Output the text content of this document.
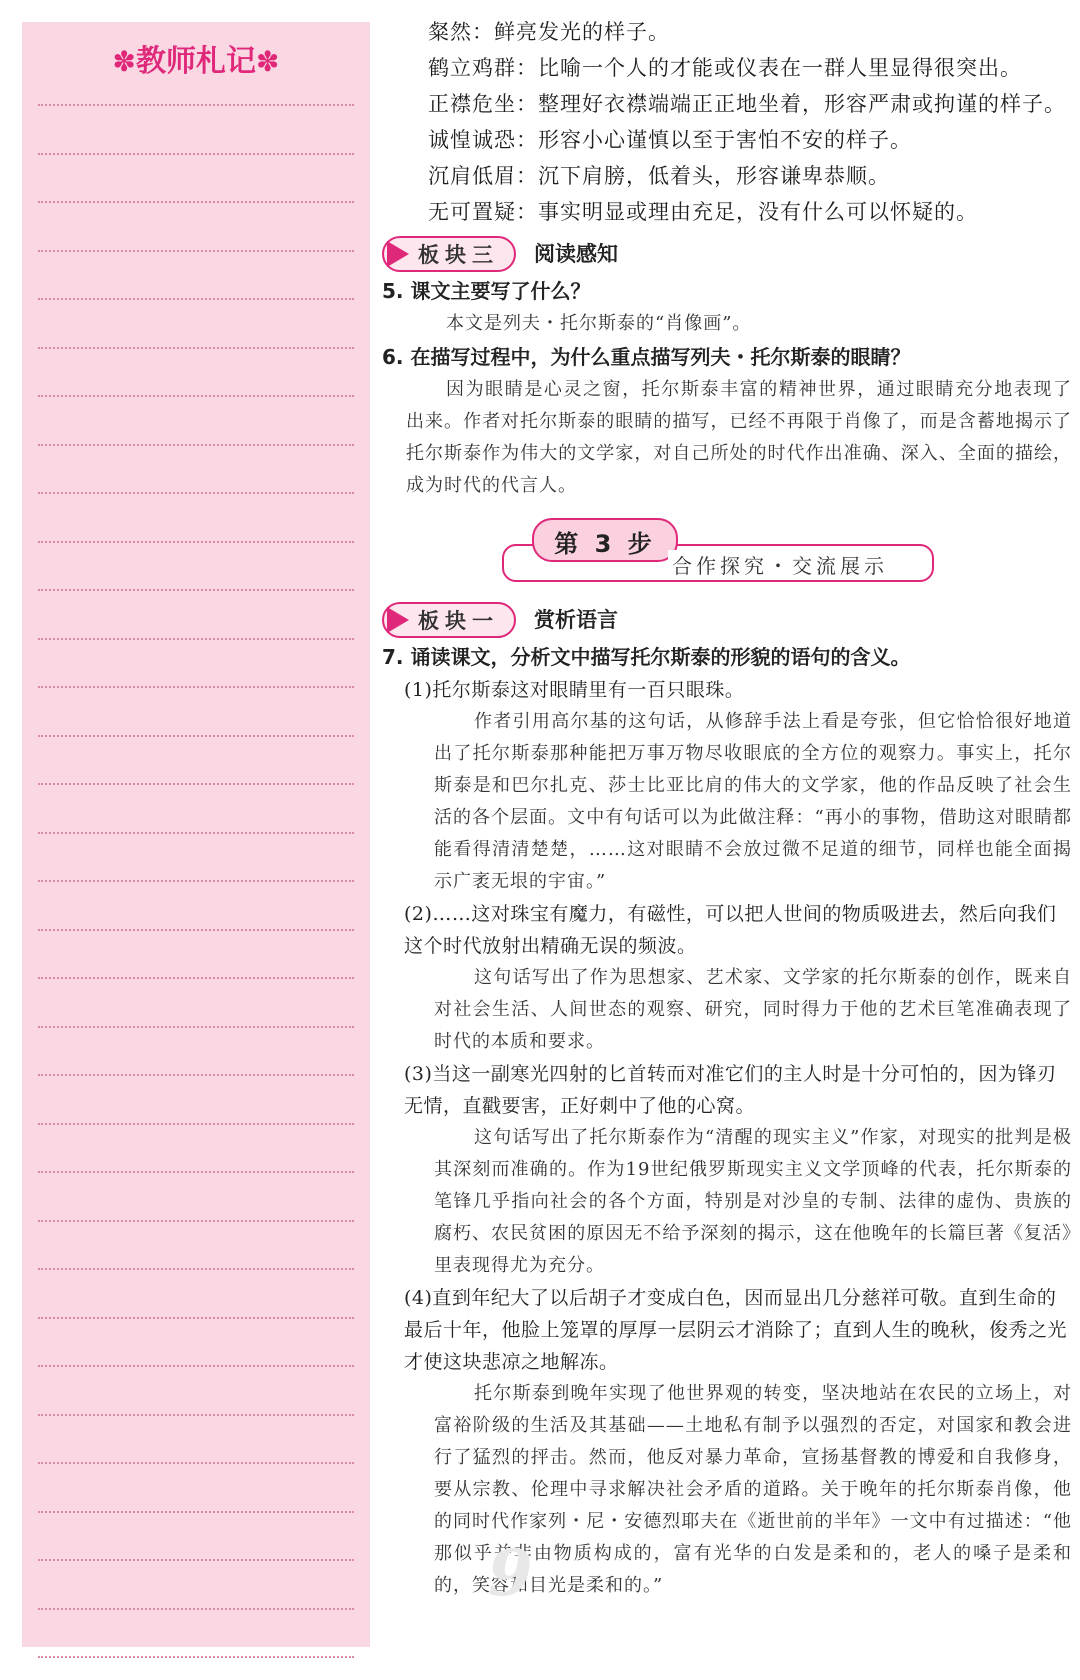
✽教师札记✽
粲然：鲜亮发光的样子。
鹤立鸡群：比喻一个人的才能或仪表在一群人里显得很突出。
正襟危坐：整理好衣襟端端正正地坐着，形容严肃或拘谨的样子。
诚惶诚恐：形容小心谨慎以至于害怕不安的样子。
沉肩低眉：沉下肩膀，低着头，形容谦卑恭顺。
无可置疑：事实明显或理由充足，没有什么可以怀疑的。
板块三 阅读感知
5. 课文主要写了什么？
本文是列夫・托尔斯泰的“肖像画”。
6. 在描写过程中，为什么重点描写列夫・托尔斯泰的眼睛？
因为眼睛是心灵之窗，托尔斯泰丰富的精神世界，通过眼睛充分地表现了出来。作者对托尔斯泰的眼睛的描写，已经不再限于肖像了，而是含蓄地揭示了托尔斯泰作为伟大的文学家，对自己所处的时代作出准确、深入、全面的描绘，成为时代的代言人。
第 3 步
合作探究・交流展示
板块一 赏析语言
7. 诵读课文，分析文中描写托尔斯泰的形貌的语句的含义。
(1)托尔斯泰这对眼睛里有一百只眼珠。
作者引用高尔基的这句话，从修辞手法上看是夸张，但它恰恰很好地道出了托尔斯泰那种能把万事万物尽收眼底的全方位的观察力。事实上，托尔斯泰是和巴尔扎克、莎士比亚比肩的伟大的文学家，他的作品反映了社会生活的各个层面。文中有句话可以为此做注释：“再小的事物，借助这对眼睛都能看得清清楚楚，……这对眼睛不会放过微不足道的细节，同样也能全面揭示广袤无垠的宇宙。”
(2)……这对珠宝有魔力，有磁性，可以把人世间的物质吸进去，然后向我们这个时代放射出精确无误的频波。
这句话写出了作为思想家、艺术家、文学家的托尔斯泰的创作，既来自对社会生活、人间世态的观察、研究，同时得力于他的艺术巨笔准确表现了时代的本质和要求。
(3)当这一副寒光四射的匕首转而对准它们的主人时是十分可怕的，因为锋刃无情，直戳要害，正好刺中了他的心窝。
这句话写出了托尔斯泰作为“清醒的现实主义”作家，对现实的批判是极其深刻而准确的。作为19世纪俄罗斯现实主义文学顶峰的代表，托尔斯泰的笔锋几乎指向社会的各个方面，特别是对沙皇的专制、法律的虚伪、贵族的腐朽、农民贫困的原因无不给予深刻的揭示，这在他晚年的长篇巨著《复活》里表现得尤为充分。
(4)直到年纪大了以后胡子才变成白色，因而显出几分慈祥可敬。直到生命的最后十年，他脸上笼罩的厚厚一层阴云才消除了；直到人生的晚秋，俊秀之光才使这块悲凉之地解冻。
托尔斯泰到晚年实现了他世界观的转变，坚决地站在农民的立场上，对富裕阶级的生活及其基础——土地私有制予以强烈的否定，对国家和教会进行了猛烈的抨击。然而，他反对暴力革命，宣扬基督教的博爱和自我修身，要从宗教、伦理中寻求解决社会矛盾的道路。关于晚年的托尔斯泰肖像，他的同时代作家列・尼・安德烈耶夫在《逝世前的半年》一文中有过描述：“他那似乎并非由物质构成的，富有光华的白发是柔和的，老人的嗓子是柔和的，笑容和目光是柔和的。”
9
